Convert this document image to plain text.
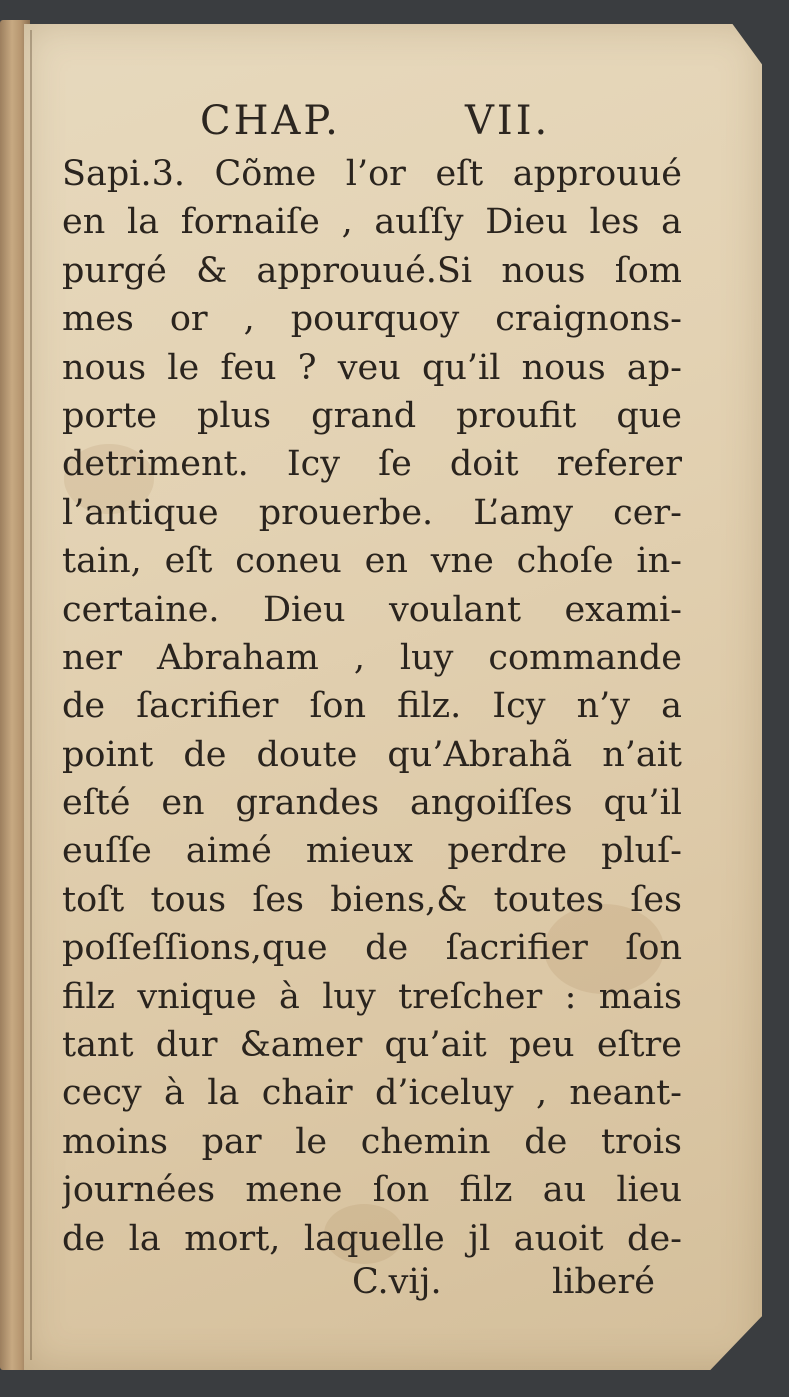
CHAP.	VII.
Sapi.3. Cõme l’or eſt approuué
en la fornaiſe , auſſy Dieu les a
purgé & approuué.Si nous ſom
mes or , pourquoy craignons-
nous le feu ? veu qu’il nous ap-
porte plus grand proufit que
detriment. Icy ſe doit referer
l’antique prouerbe. L’amy cer-
tain, eſt coneu en vne choſe in-
certaine. Dieu voulant exami-
ner Abraham , luy commande
de ſacrifier ſon filz. Icy n’y a
point de doute qu’Abrahã n’ait
eſté en grandes angoiſſes qu’il
euſſe aimé mieux perdre pluſ-
toſt tous ſes biens,& toutes ſes
poſſeſſions,que de ſacrifier ſon
filz vnique à luy treſcher : mais
tant dur &amer qu’ait peu eſtre
cecy à la chair d’iceluy , neant-
moins par le chemin de trois
journées mene ſon filz au lieu
de la mort, laquelle jl auoit de-
C.vij.	liberé
